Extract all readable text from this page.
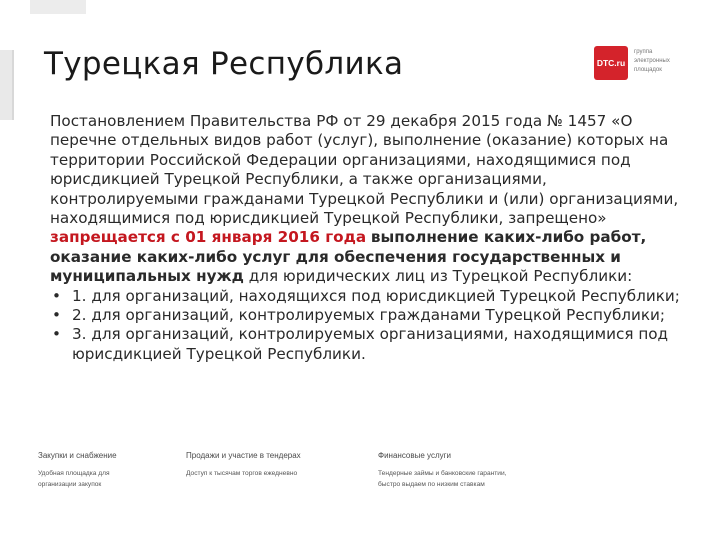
Турецкая Республика	DTC.ru
группа
электронных
площадок

Постановлением Правительства РФ от 29 декабря 2015 года № 1457 «О перечне отдельных видов работ (услуг), выполнение (оказание) которых на территории Российской Федерации организациями, находящимися под юрисдикцией Турецкой Республики, а также организациями, контролируемыми гражданами Турецкой Республики и (или) организациями, находящимися под юрисдикцией Турецкой Республики, запрещено» запрещается с 01 января 2016 года выполнение каких-либо работ, оказание каких-либо услуг для обеспечения государственных и муниципальных нужд для юридических лиц из Турецкой Республики:

• 1. для организаций, находящихся под юрисдикцией Турецкой Республики;
• 2. для организаций, контролируемых гражданами Турецкой Республики;
• 3. для организаций, контролируемых организациями, находящимися под юрисдикцией Турецкой Республики.
Закупки и снабжение
Удобная площадка для
организации закупок
Продажи и участие в тендерах
Доступ к тысячам торгов ежедневно
Финансовые услуги
Тендерные займы и банковские гарантии,
быстро выдаем по низким ставкам
